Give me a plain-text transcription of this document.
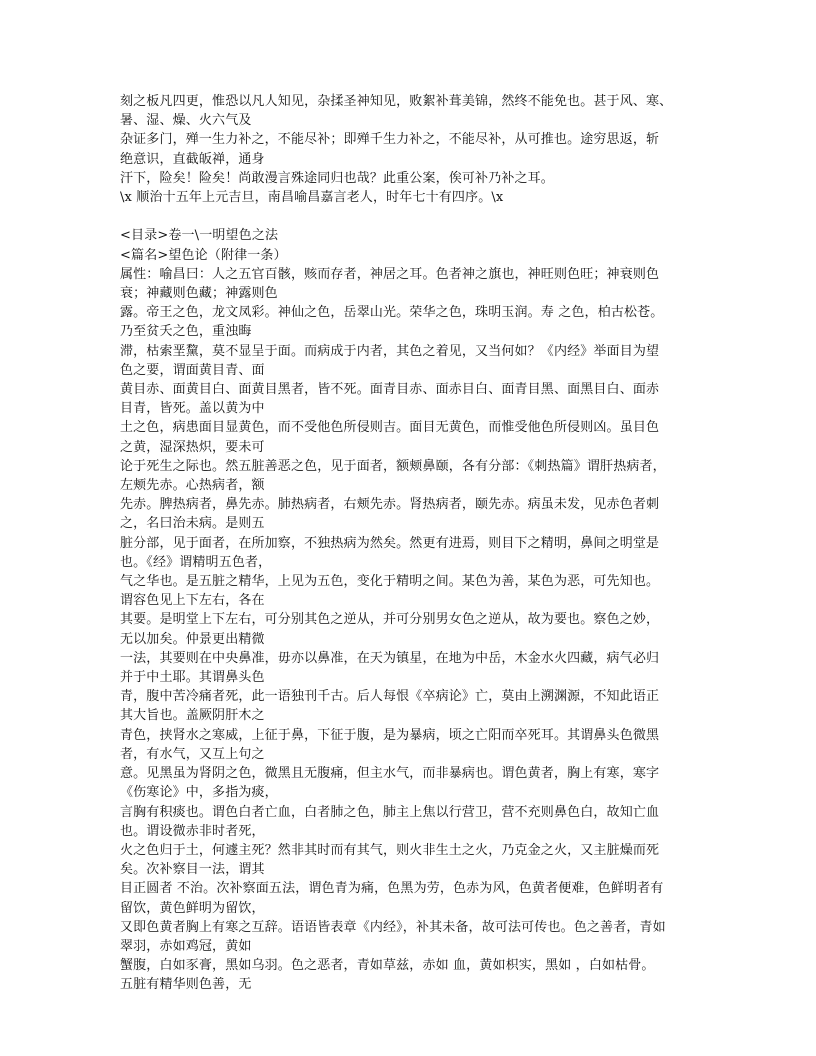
刻之板凡四更，惟恐以凡人知见，杂揉圣神知见，败絮补葺美锦，然终不能免也。甚于风、寒、
暑、湿、燥、火六气及
杂证多门，殚一生力补之，不能尽补；即殚千生力补之，不能尽补，从可推也。途穷思返，斩
绝意识，直截皈禅，通身
汗下，险矣！险矣！尚敢漫言殊途同归也哉？此重公案，俟可补乃补之耳。
\x 顺治十五年上元吉旦，南昌喻昌嘉言老人，时年七十有四序。\x
<目录>卷一\一明望色之法
<篇名>望色论（附律一条）
属性：喻昌曰：人之五官百骸，赅而存者，神居之耳。色者神之旗也，神旺则色旺；神衰则色
衰；神藏则色藏；神露则色
露。帝王之色，龙文凤彩。神仙之色，岳翠山光。荣华之色，珠明玉润。寿 之色，柏古松苍。
乃至贫夭之色，重浊晦
滞，枯索垩黧，莫不显呈于面。而病成于内者，其色之着见，又当何如？《内经》举面目为望
色之要，谓面黄目青、面
黄目赤、面黄目白、面黄目黑者，皆不死。面青目赤、面赤目白、面青目黑、面黑目白、面赤
目青，皆死。盖以黄为中
土之色，病患面目显黄色，而不受他色所侵则吉。面目无黄色，而惟受他色所侵则凶。虽目色
之黄，湿深热炽，要未可
论于死生之际也。然五脏善恶之色，见于面者，额颊鼻颐，各有分部：《刺热篇》谓肝热病者，
左颊先赤。心热病者，额
先赤。脾热病者，鼻先赤。肺热病者，右颊先赤。肾热病者，颐先赤。病虽未发，见赤色者刺
之，名曰治未病。是则五
脏分部，见于面者，在所加察，不独热病为然矣。然更有进焉，则目下之精明，鼻间之明堂是
也。《经》谓精明五色者，
气之华也。是五脏之精华，上见为五色，变化于精明之间。某色为善，某色为恶，可先知也。
谓容色见上下左右，各在
其要。是明堂上下左右，可分别其色之逆从，并可分别男女色之逆从，故为要也。察色之妙，
无以加矣。仲景更出精微
一法，其要则在中央鼻准，毋亦以鼻准，在天为镇星，在地为中岳，木金水火四藏，病气必归
并于中土耶。其谓鼻头色
青，腹中苦冷痛者死，此一语独刊千古。后人每恨《卒病论》亡，莫由上溯渊源，不知此语正
其大旨也。盖厥阴肝木之
青色，挟肾水之寒威，上征于鼻，下征于腹，是为暴病，顷之亡阳而卒死耳。其谓鼻头色微黑
者，有水气，又互上句之
意。见黑虽为肾阴之色，微黑且无腹痛，但主水气，而非暴病也。谓色黄者，胸上有寒，寒字
《伤寒论》中，多指为痰，
言胸有积痰也。谓色白者亡血，白者肺之色，肺主上焦以行营卫，营不充则鼻色白，故知亡血
也。谓设微赤非时者死，
火之色归于土，何遽主死？然非其时而有其气，则火非生土之火，乃克金之火，又主脏燥而死
矣。次补察目一法，谓其
目正圆者 不治。次补察面五法，谓色青为痛，色黑为劳，色赤为风，色黄者便难，色鲜明者有
留饮，黄色鲜明为留饮，
又即色黄者胸上有寒之互辞。语语皆表章《内经》，补其未备，故可法可传也。色之善者，青如
翠羽，赤如鸡冠，黄如
蟹腹，白如豕膏，黑如乌羽。色之恶者，青如草兹，赤如 血，黄如枳实，黑如 ，白如枯骨。
五脏有精华则色善，无
